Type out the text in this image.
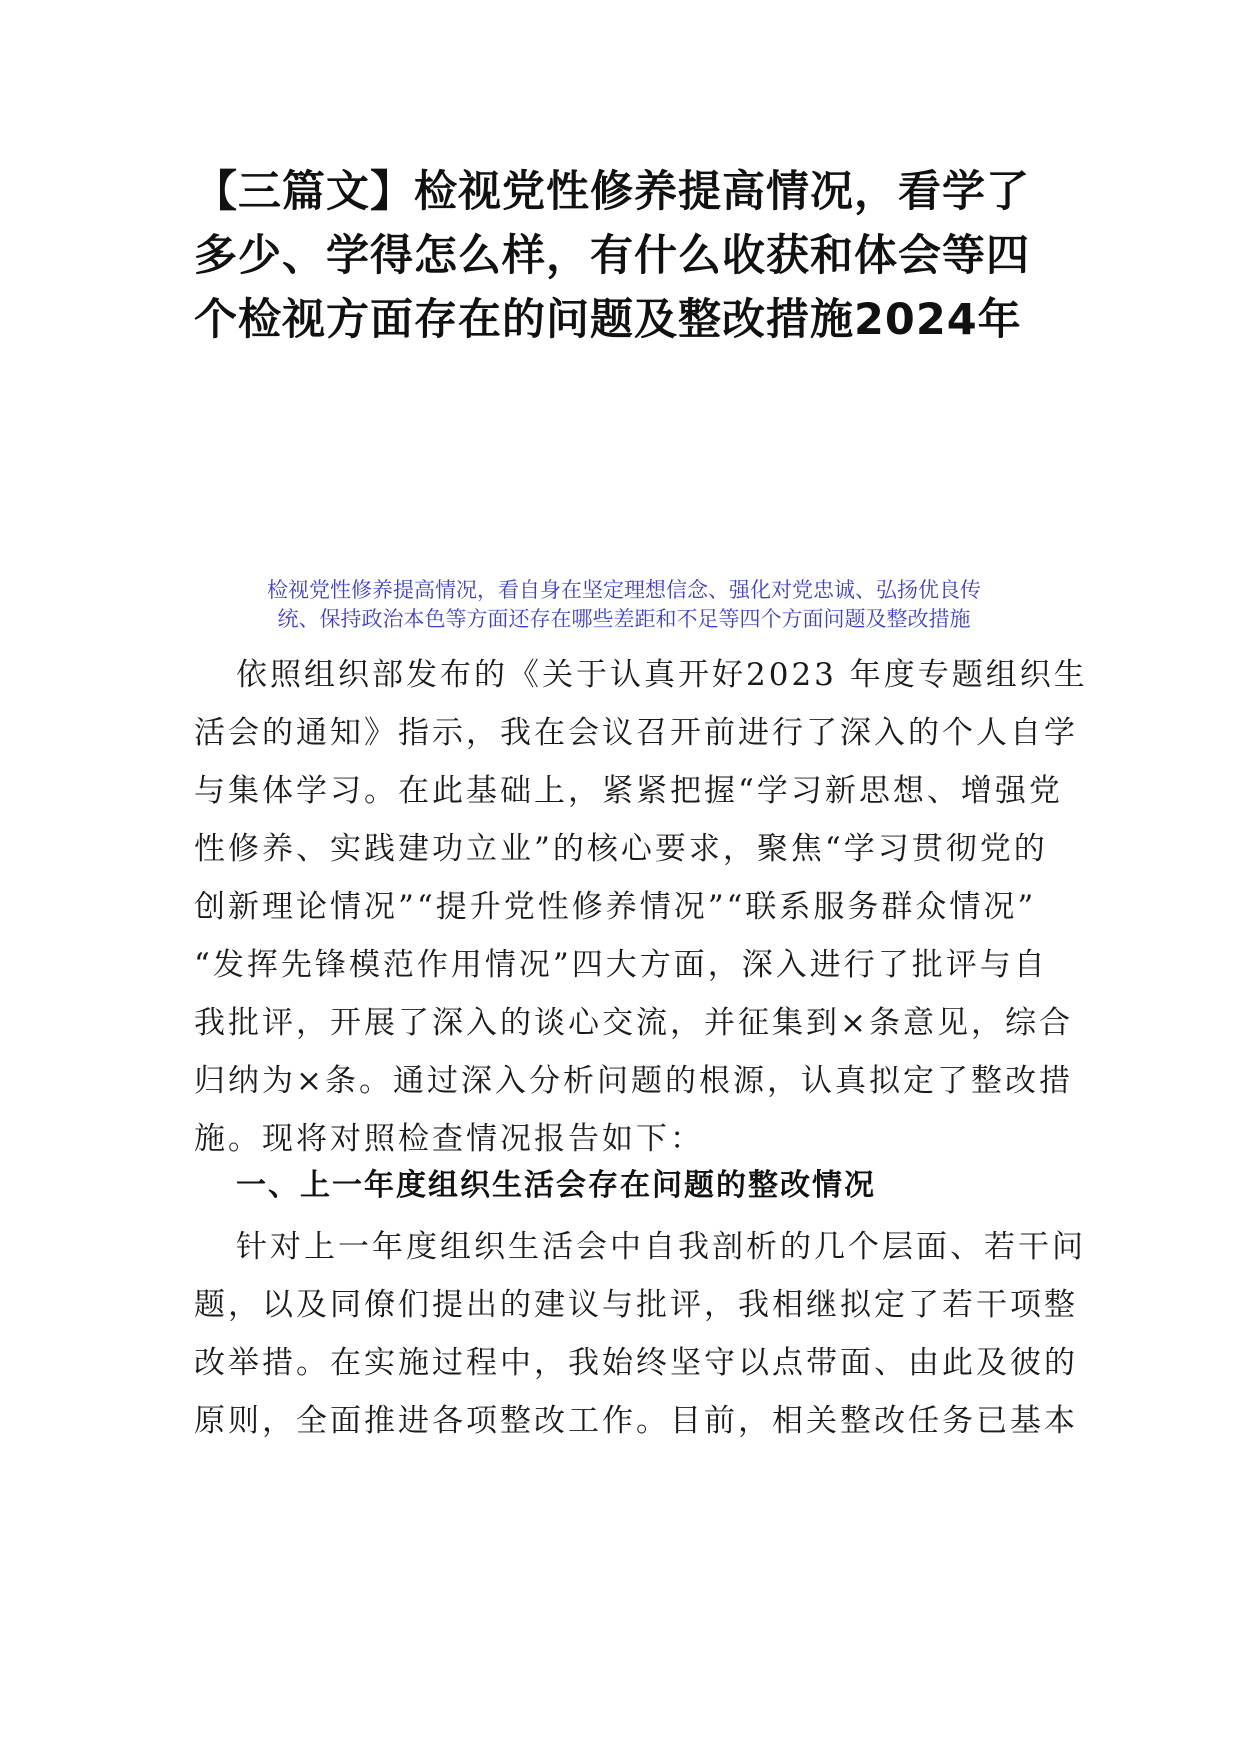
【三篇文】检视党性修养提高情况，看学了
多少、学得怎么样，有什么收获和体会等四
个检视方面存在的问题及整改措施2024年
检视党性修养提高情况，看自身在坚定理想信念、强化对党忠诚、弘扬优良传
统、保持政治本色等方面还存在哪些差距和不足等四个方面问题及整改措施
依照组织部发布的《关于认真开好2023 年度专题组织生
活会的通知》指示，我在会议召开前进行了深入的个人自学
与集体学习。在此基础上，紧紧把握“学习新思想、增强党
性修养、实践建功立业”的核心要求，聚焦“学习贯彻党的
创新理论情况”“提升党性修养情况”“联系服务群众情况”
“发挥先锋模范作用情况”四大方面，深入进行了批评与自
我批评，开展了深入的谈心交流，并征集到×条意见，综合
归纳为×条。通过深入分析问题的根源，认真拟定了整改措
施。现将对照检查情况报告如下：
一、上一年度组织生活会存在问题的整改情况
针对上一年度组织生活会中自我剖析的几个层面、若干问
题，以及同僚们提出的建议与批评，我相继拟定了若干项整
改举措。在实施过程中，我始终坚守以点带面、由此及彼的
原则，全面推进各项整改工作。目前，相关整改任务已基本
